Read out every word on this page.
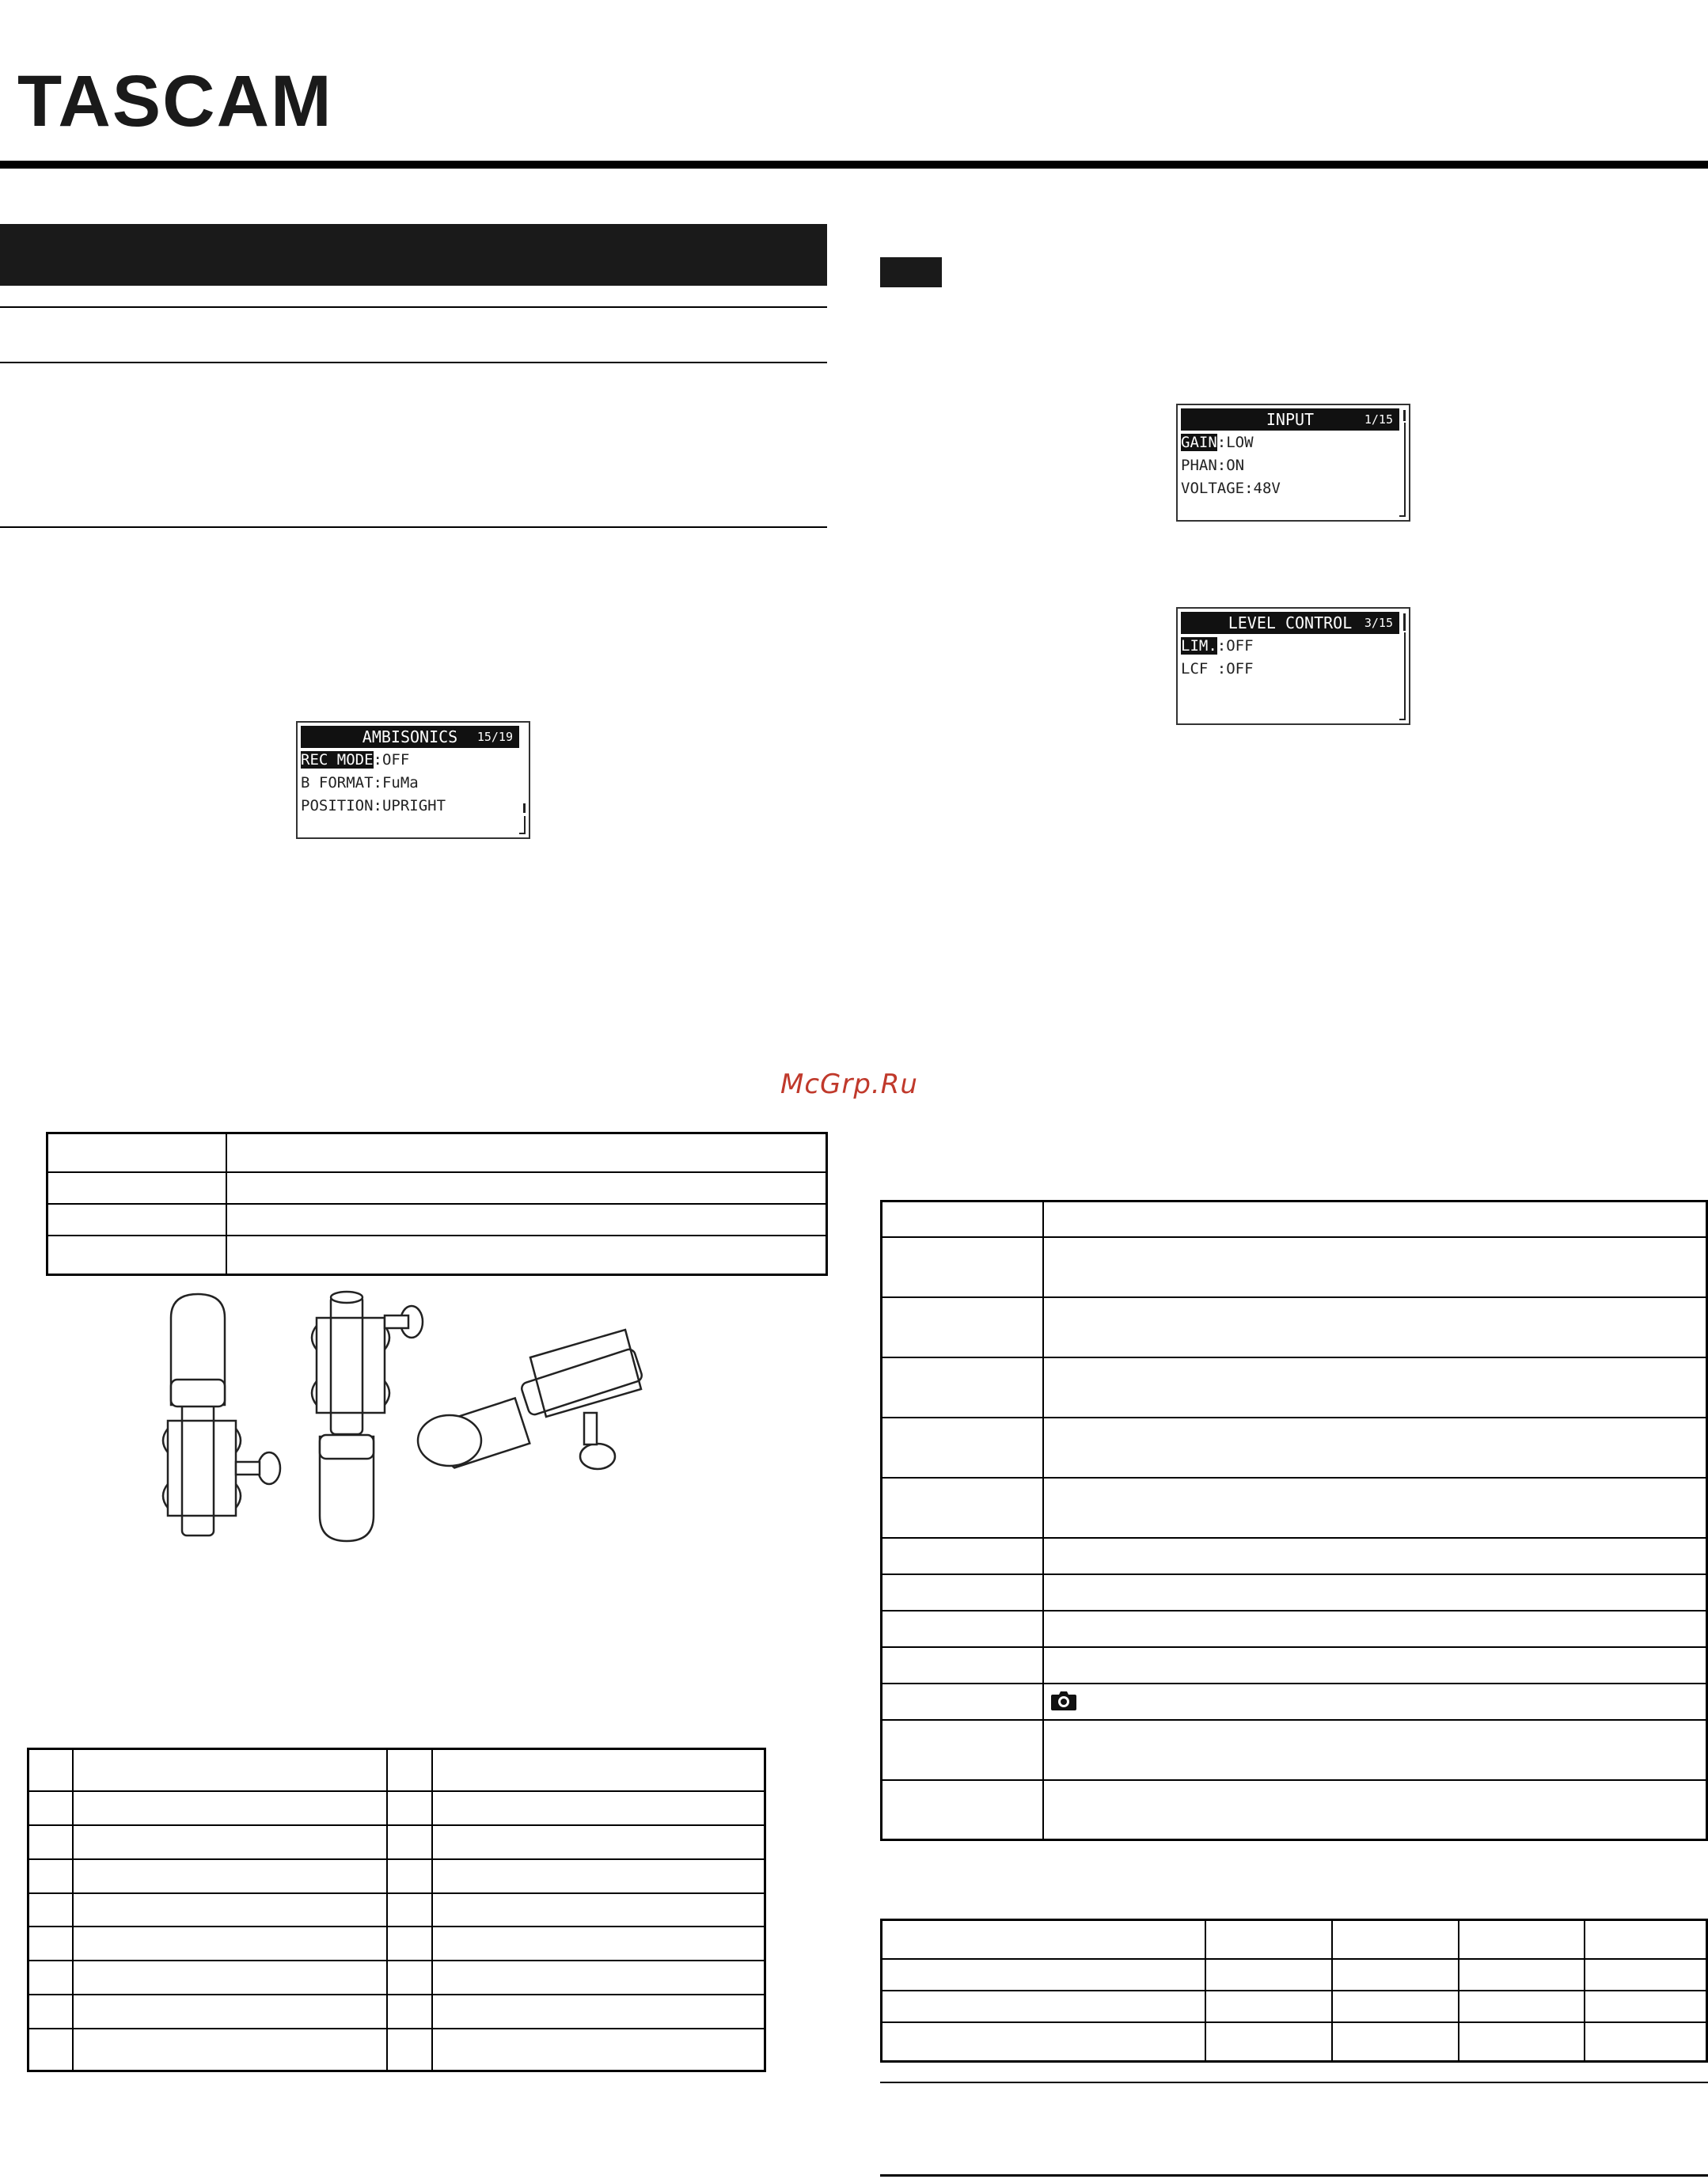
TASCAM
AMBISONICS 15/19
REC MODE:OFF
B FORMAT:FuMa
POSITION:UPRIGHT
INPUT	1/15
GAIN:LOW
PHAN:ON
VOLTAGE:48V
LEVEL CONTROL 3/15
LIM.:OFF
LCF :OFF
McGrp.Ru
